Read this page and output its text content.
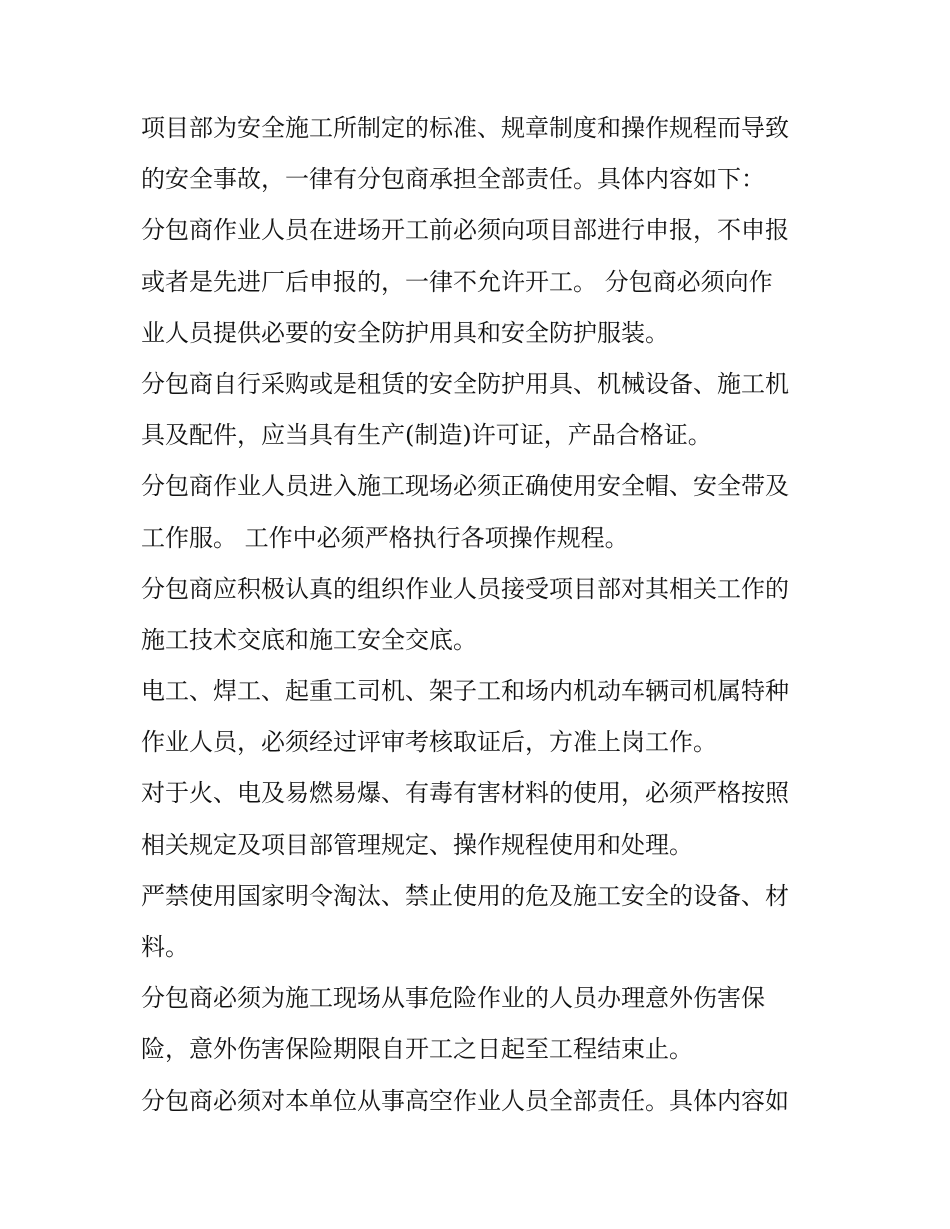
项目部为安全施工所制定的标准、规章制度和操作规程而导致
的安全事故，一律有分包商承担全部责任。具体内容如下：
分包商作业人员在进场开工前必须向项目部进行申报，不申报
或者是先进厂后申报的，一律不允许开工。 分包商必须向作
业人员提供必要的安全防护用具和安全防护服装。
分包商自行采购或是租赁的安全防护用具、机械设备、施工机
具及配件，应当具有生产(制造)许可证，产品合格证。
分包商作业人员进入施工现场必须正确使用安全帽、安全带及
工作服。 工作中必须严格执行各项操作规程。
分包商应积极认真的组织作业人员接受项目部对其相关工作的
施工技术交底和施工安全交底。
电工、焊工、起重工司机、架子工和场内机动车辆司机属特种
作业人员，必须经过评审考核取证后，方准上岗工作。
对于火、电及易燃易爆、有毒有害材料的使用，必须严格按照
相关规定及项目部管理规定、操作规程使用和处理。
严禁使用国家明令淘汰、禁止使用的危及施工安全的设备、材
料。
分包商必须为施工现场从事危险作业的人员办理意外伤害保
险，意外伤害保险期限自开工之日起至工程结束止。
分包商必须对本单位从事高空作业人员全部责任。具体内容如
